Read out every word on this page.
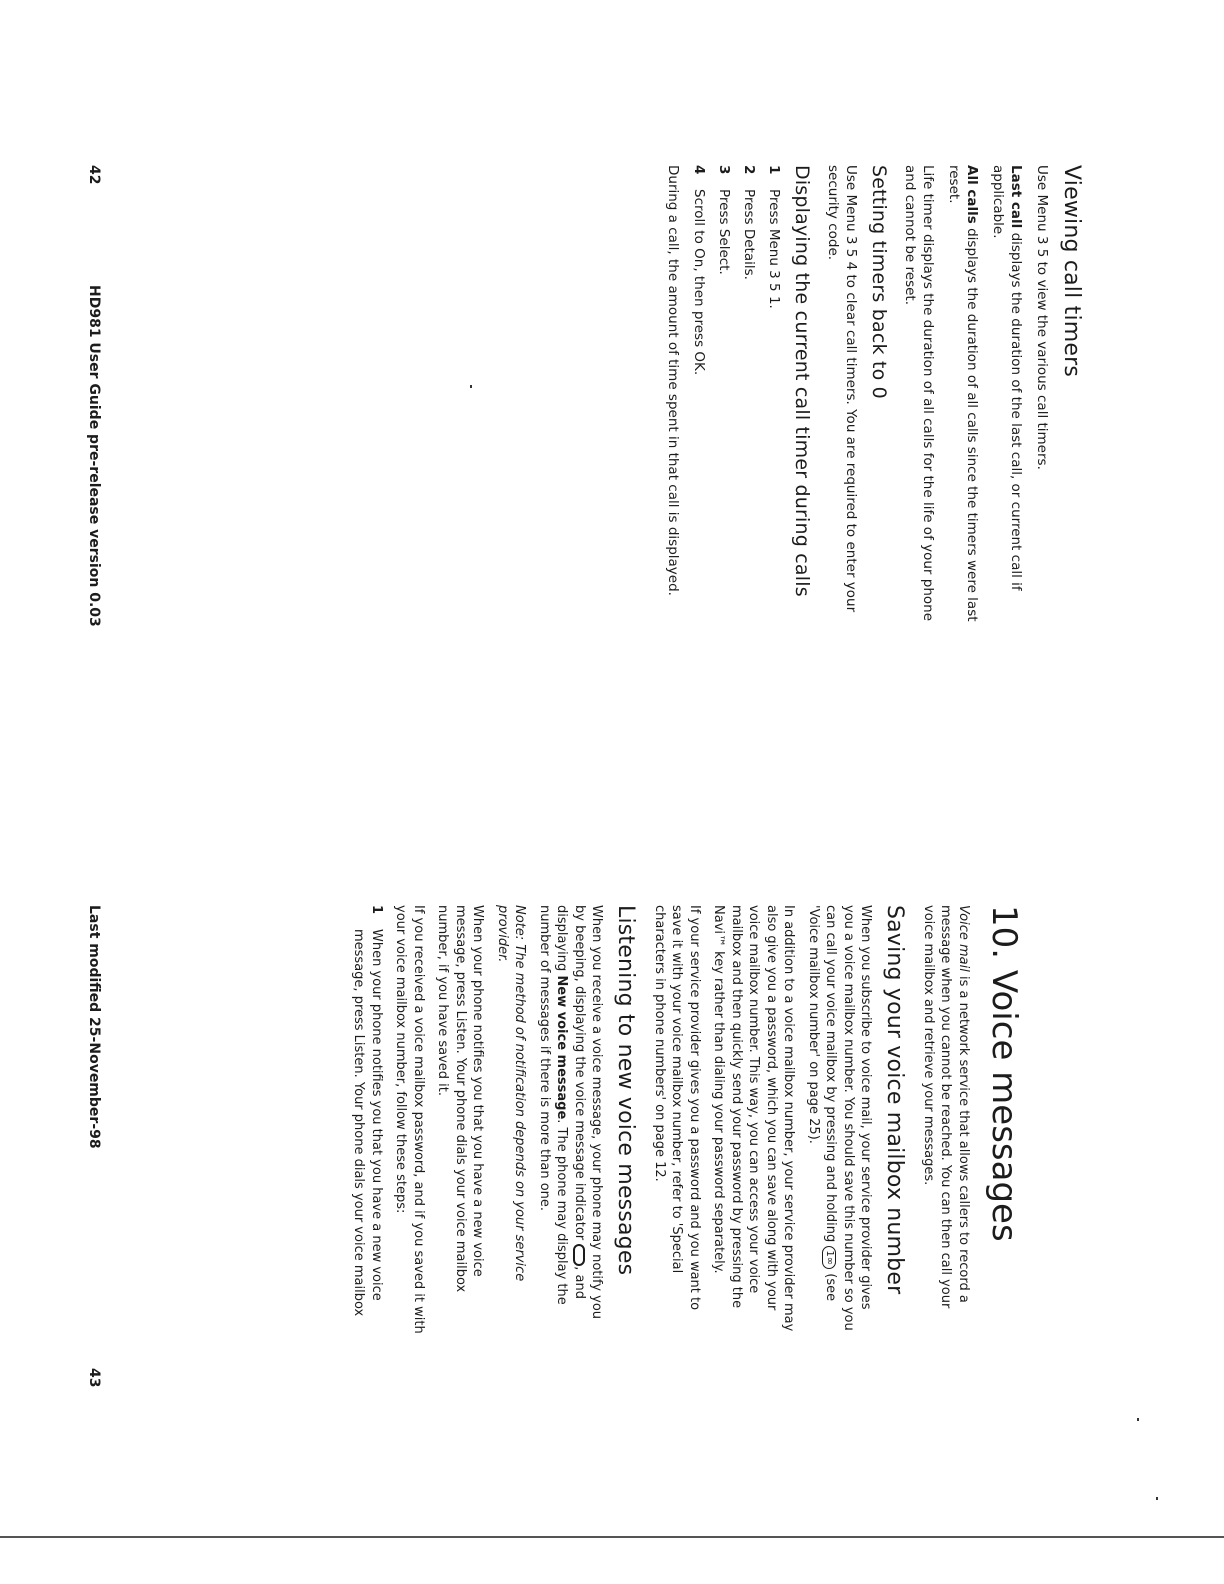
Viewing call timers

Use Menu 3 5 to view the various call timers.

Last call displays the duration of the last call, or current call if applicable.

All calls displays the duration of all calls since the timers were last reset.

Life timer displays the duration of all calls for the life of your phone and cannot be reset.

Setting timers back to 0

Use Menu 3 5 4 to clear call timers. You are required to enter your security code.

Displaying the current call timer during calls
1
Press Menu 3 5 1.
2
Press Details.
3
Press Select.
4
Scroll to On, then press OK.

During a call, the amount of time spent in that call is displayed.

10. Voice messages

Voice mail is a network service that allows callers to record a message when you cannot be reached. You can then call your voice mailbox and retrieve your messages.

Saving your voice mailbox number

When you subscribe to voice mail, your service provider gives you a voice mailbox number. You should save this number so you can call your voice mailbox by pressing and holding 1∞ (see 'Voice mailbox number' on page 25).

In addition to a voice mailbox number, your service provider may also give you a password, which you can save along with your voice mailbox number. This way, you can access your voice mailbox and then quickly send your password by pressing the Navi™ key rather than dialing your password separately.

If your service provider gives you a password and you want to save it with your voice mailbox number, refer to 'Special characters in phone numbers' on page 12.

Listening to new voice messages

When you receive a voice message, your phone may notify you by beeping, displaying the voice message indicator , and displaying New voice message. The phone may display the number of messages if there is more than one.

Note: The method of notification depends on your service provider.

When your phone notifies you that you have a new voice message, press Listen. Your phone dials your voice mailbox number, if you have saved it.

If you received a voice mailbox password, and if you saved it with your voice mailbox number, follow these steps:

1
When your phone notifies you that you have a new voice message, press Listen. Your phone dials your voice mailbox
42
HD981 User Guide pre-release version 0.03
Last modified 25-November-98
43
